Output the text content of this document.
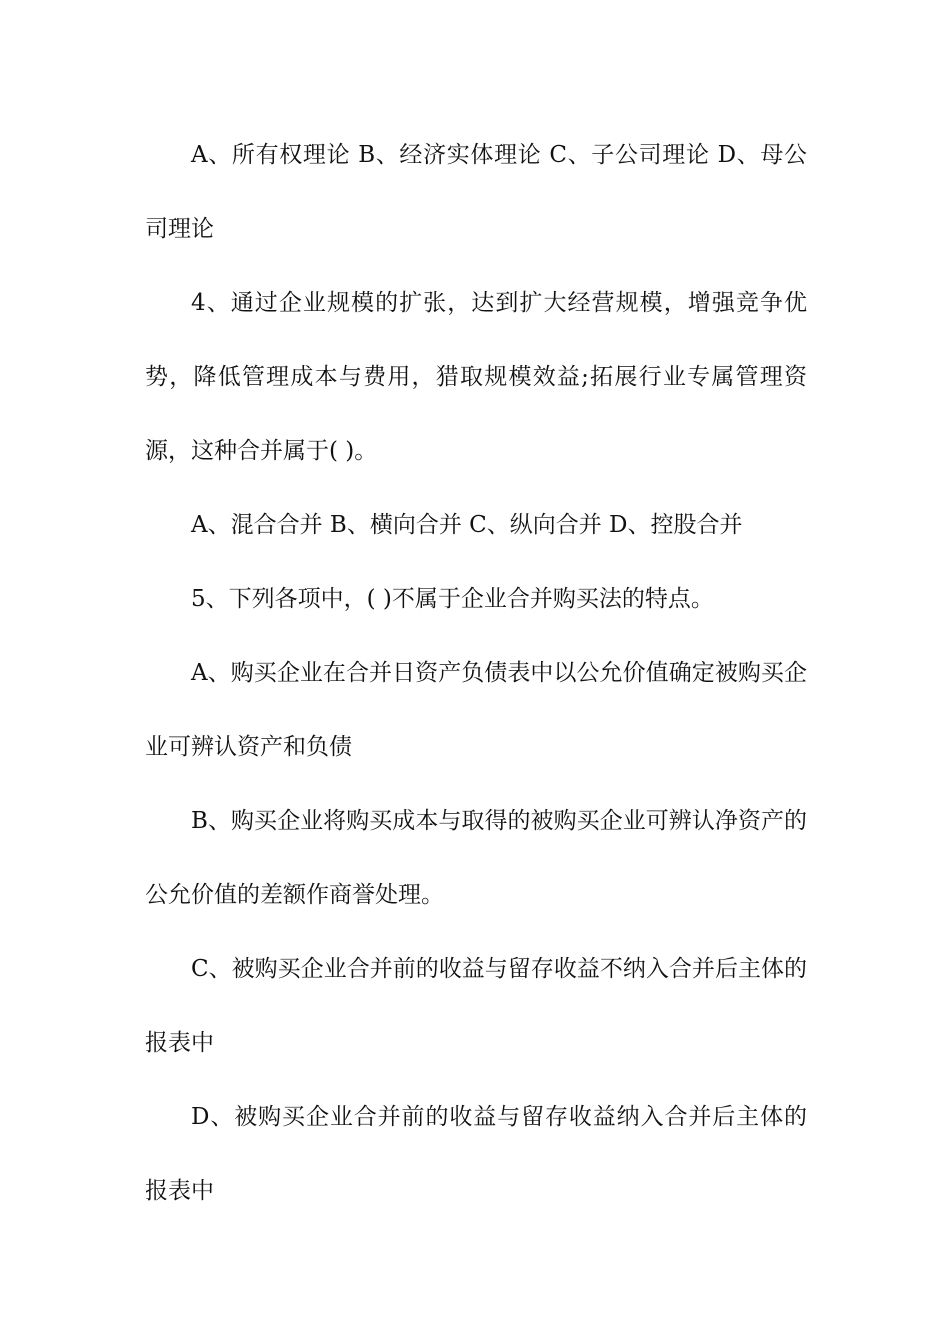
A、所有权理论 B、经济实体理论 C、子公司理论 D、母公司理论

4、通过企业规模的扩张，达到扩大经营规模，增强竞争优势，降低管理成本与费用，猎取规模效益;拓展行业专属管理资源，这种合并属于( )。

A、混合合并 B、横向合并 C、纵向合并 D、控股合并

5、下列各项中，( )不属于企业合并购买法的特点。

A、购买企业在合并日资产负债表中以公允价值确定被购买企业可辨认资产和负债

B、购买企业将购买成本与取得的被购买企业可辨认净资产的公允价值的差额作商誉处理。

C、被购买企业合并前的收益与留存收益不纳入合并后主体的报表中

D、被购买企业合并前的收益与留存收益纳入合并后主体的报表中
